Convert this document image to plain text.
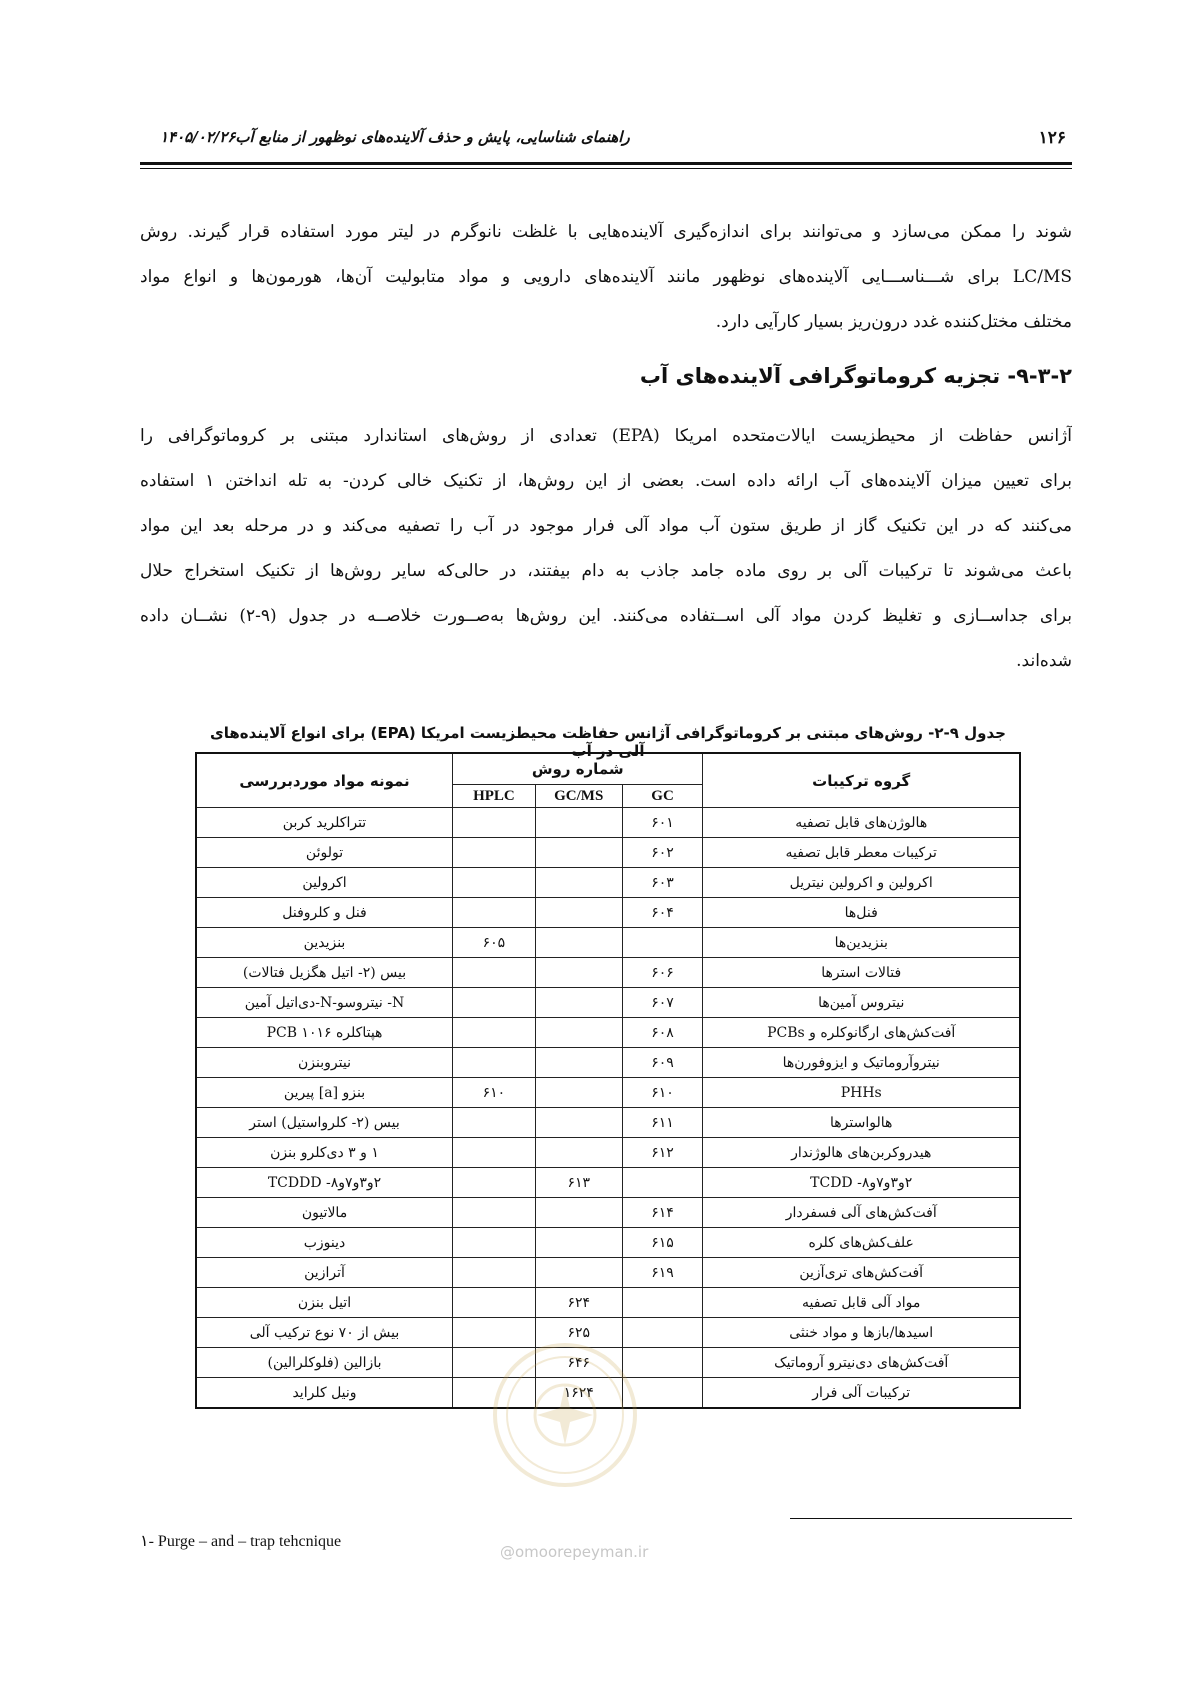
۱۲۶
راهنمای شناسایی، پایش و حذف آلاینده‌های نوظهور از منابع آب۱۴۰۵/۰۲/۲۶
شوند را ممکن می‌سازد و می‌توانند برای اندازه‌گیری آلاینده‌هایی با غلظت نانوگرم در لیتر مورد استفاده قرار گیرند. روش
LC/MS برای شـــناســـایی آلاینده‌های نوظهور مانند آلاینده‌های دارویی و مواد متابولیت آن‌ها، هورمون‌ها و انواع مواد
مختلف مختل‌کننده غدد درون‌ریز بسیار کارآیی دارد.
۹-۳-۲- تجزیه کروماتوگرافی آلاینده‌های آب
آژانس حفاظت از محیطزیست ایالات‌متحده امریکا (EPA) تعدادی از روش‌های استاندارد مبتنی بر کروماتوگرافی را
برای تعیین میزان آلاینده‌های آب ارائه داده است. بعضی از این روش‌ها، از تکنیک خالی کردن- به تله انداختن ۱ استفاده
می‌کنند که در این تکنیک گاز از طریق ستون آب مواد آلی فرار موجود در آب را تصفیه می‌کند و در مرحله بعد این مواد
باعث می‌شوند تا ترکیبات آلی بر روی ماده جامد جاذب به دام بیفتند، در حالی‌که سایر روش‌ها از تکنیک استخراج حلال
برای جداســازی و تغلیظ کردن مواد آلی اســتفاده می‌کنند. این روش‌ها به‌صــورت خلاصــه در جدول (۹-۲) نشــان داده
شده‌اند.
جدول ۹-۲- روش‌های مبتنی بر کروماتوگرافی آژانس حفاظت محیطزیست امریکا (EPA) برای انواع آلاینده‌های آلی در آب
گروه ترکیبات	شماره روش			نمونه مواد موردبررسی
	GC	GC/MS	HPLC	
هالوژن‌های قابل تصفیه	۶۰۱			تتراکلرید کربن
ترکیبات معطر قابل تصفیه	۶۰۲			تولوئن
اکرولین و اکرولین نیتریل	۶۰۳			اکرولین
فنل‌ها	۶۰۴			فنل و کلروفنل
بنزیدین‌ها			۶۰۵	بنزیدین
فتالات استرها	۶۰۶			بیس (۲- اتیل هگزیل فتالات)
نیتروس آمین‌ها	۶۰۷			N- نیتروسو-N-دی‌اتیل آمین
آفت‌کش‌های ارگانوکلره و PCBs	۶۰۸			هپتاکلره PCB ۱۰۱۶
نیتروآروماتیک و ایزوفورن‌ها	۶۰۹			نیتروبنزن
PHHs	۶۱۰		۶۱۰	بنزو [a] پیرین
هالواسترها	۶۱۱			بیس (۲- کلرواستیل) استر
هیدروکربن‌های هالوژندار	۶۱۲			۱ و ۳ دی‌کلرو بنزن
۲و۳و۷و۸- TCDD		۶۱۳		۲و۳و۷و۸- TCDDD
آفت‌کش‌های آلی فسفردار	۶۱۴			مالاتیون
علف‌کش‌های کلره	۶۱۵			دینوزب
آفت‌کش‌های تری‌آزین	۶۱۹			آترازین
مواد آلی قابل تصفیه		۶۲۴		اتیل بنزن
اسیدها/بازها و مواد خنثی		۶۲۵		بیش از ۷۰ نوع ترکیب آلی
آفت‌کش‌های دی‌نیترو آروماتیک		۶۴۶		بازالین (فلوکلرالین)
ترکیبات آلی فرار		۱۶۲۴		ونیل کلراید
@omoorepeyman.ir
۱- Purge – and – trap tehcnique
